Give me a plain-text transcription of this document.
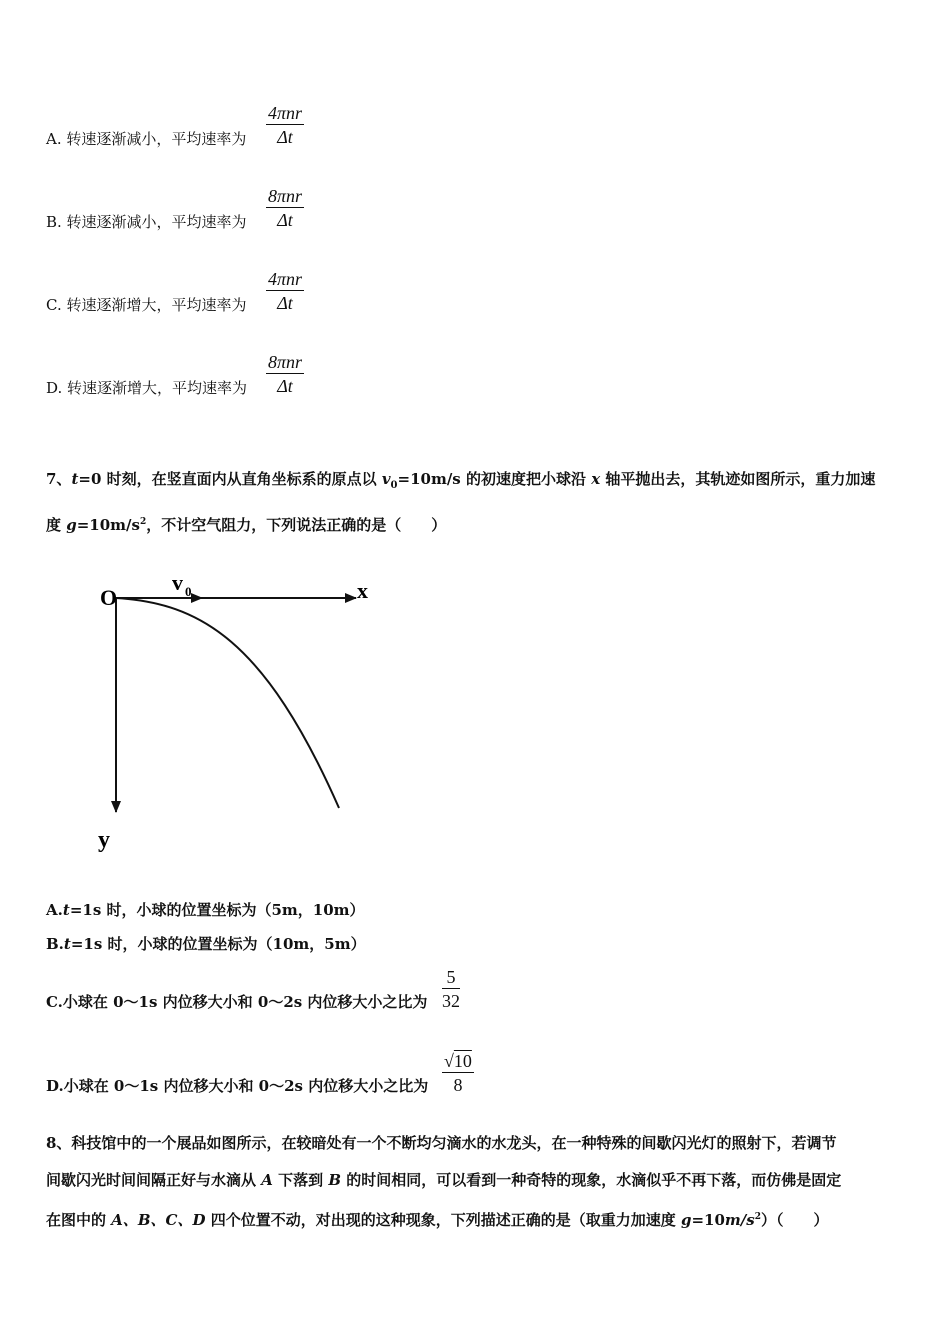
A. 转速逐渐减小，平均速率为
4πnr
Δt
B. 转速逐渐减小，平均速率为
8πnr
Δt
C. 转速逐渐增大，平均速率为
4πnr
Δt
D. 转速逐渐增大，平均速率为
8πnr
Δt
7、t=0 时刻，在竖直面内从直角坐标系的原点以 $v_0=10m/s$ 的初速度把小球沿 x 轴平抛出去，其轨迹如图所示，重力加速
度 $g=10m/s^2$，不计空气阻力，下列说法正确的是（　　）
O
v 0	x
y
A.t=1s 时，小球的位置坐标为（5m，10m）
B.t=1s 时，小球的位置坐标为（10m，5m）
C.小球在 0～1s 内位移大小和 0～2s 内位移大小之比为 $\frac{5}{32}$
D.小球在 0～1s 内位移大小和 0～2s 内位移大小之比为 $\frac{√10}{8}$
8、科技馆中的一个展品如图所示，在较暗处有一个不断均匀滴水的水龙头，在一种特殊的间歇闪光灯的照射下，若调节
间歇闪光时间间隔正好与水滴从 A 下落到 B 的时间相同，可以看到一种奇特的现象，水滴似乎不再下落，而仿佛是固定
在图中的 A、B、C、D 四个位置不动，对出现的这种现象，下列描述正确的是（取重力加速度 $g=10m/s^2$）（　　）
